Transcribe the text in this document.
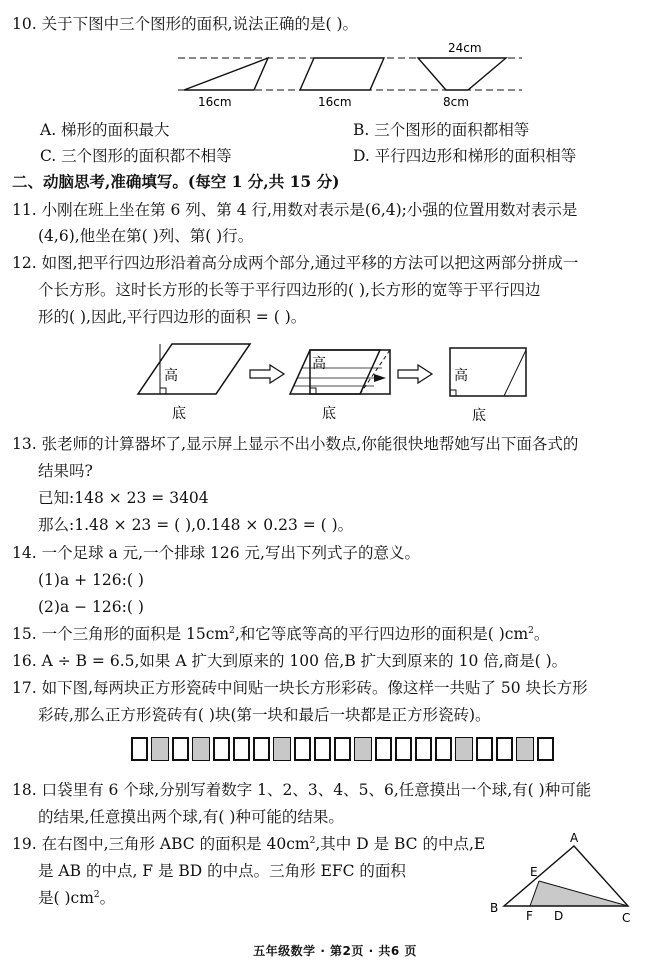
10. 关于下图中三个图形的面积,说法正确的是( )。
24cm
16cm	16cm	8cm
A. 梯形的面积最大	B. 三个图形的面积都相等
C. 三个图形的面积都不相等	D. 平行四边形和梯形的面积相等
二、动脑思考,准确填写。(每空 1 分,共 15 分)
11. 小刚在班上坐在第 6 列、第 4 行,用数对表示是(6,4);小强的位置用数对表示是
(4,6),他坐在第( )列、第( )行。
12. 如图,把平行四边形沿着高分成两个部分,通过平移的方法可以把这两部分拼成一
个长方形。这时长方形的长等于平行四边形的( ),长方形的宽等于平行四边
形的( ),因此,平行四边形的面积 = ( )。
高
底
高
底
高
底
13. 张老师的计算器坏了,显示屏上显示不出小数点,你能很快地帮她写出下面各式的
结果吗?
已知:148 × 23 = 3404
那么:1.48 × 23 = ( ),0.148 × 0.23 = ( )。
14. 一个足球 a 元,一个排球 126 元,写出下列式子的意义。
(1)a + 126:( )
(2)a − 126:( )
15. 一个三角形的面积是 $15cm^2$,和它等底等高的平行四边形的面积是( )$cm^2$。
16. A ÷ B = 6.5,如果 A 扩大到原来的 100 倍,B 扩大到原来的 10 倍,商是( )。
17. 如下图,每两块正方形瓷砖中间贴一块长方形彩砖。像这样一共贴了 50 块长方形
彩砖,那么正方形瓷砖有( )块(第一块和最后一块都是正方形瓷砖)。
18. 口袋里有 6 个球,分别写着数字 1、2、3、4、5、6,任意摸出一个球,有( )种可能
的结果,任意摸出两个球,有( )种可能的结果。
19. 在右图中,三角形 ABC 的面积是 $40cm^2$,其中 D 是 BC 的中点,E
是 AB 的中点, F 是 BD 的中点。三角形 EFC 的面积
是( )$cm^2$。
A
B
C
D
E
F
五年级数学 · 第2页 · 共6 页
